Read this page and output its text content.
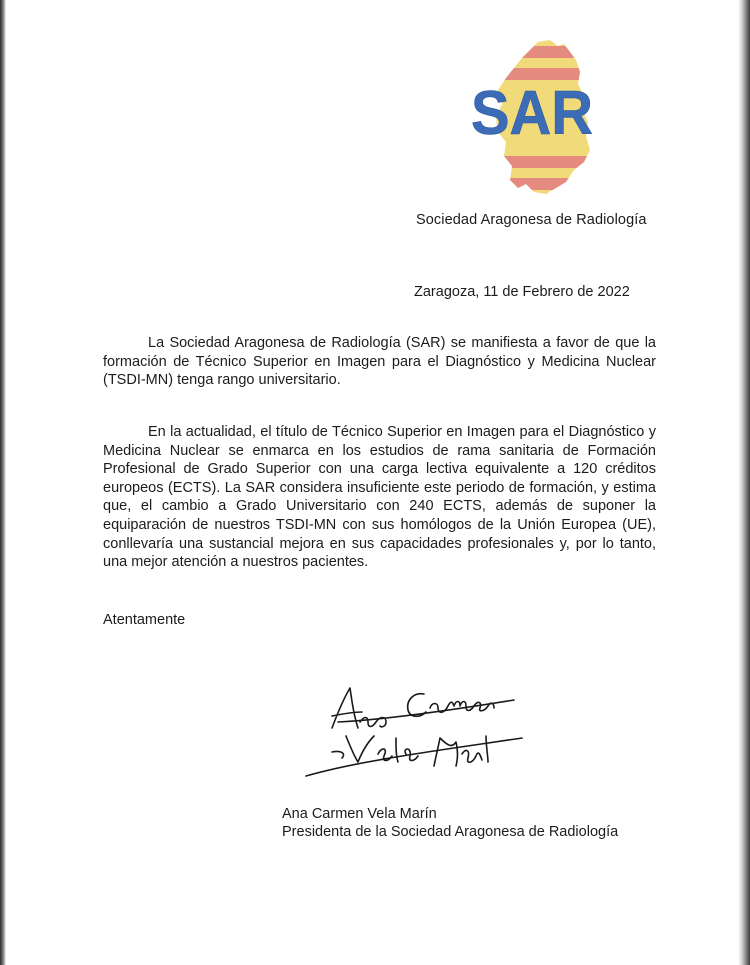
SAR
Sociedad Aragonesa de Radiología
Zaragoza, 11 de Febrero de 2022

La Sociedad Aragonesa de Radiología (SAR) se manifiesta a favor de que la formación de Técnico Superior en Imagen para el Diagnóstico y Medicina Nuclear (TSDI-MN) tenga rango universitario.

En la actualidad, el título de Técnico Superior en Imagen para el Diagnóstico y Medicina Nuclear se enmarca en los estudios de rama sanitaria de Formación Profesional de Grado Superior con una carga lectiva equivalente a 120 créditos europeos (ECTS). La SAR considera insuficiente este periodo de formación, y estima que, el cambio a Grado Universitario con 240 ECTS, además de suponer la equiparación de nuestros TSDI-MN con sus homólogos de la Unión Europea (UE), conllevaría una sustancial mejora en sus capacidades profesionales y, por lo tanto, una mejor atención a nuestros pacientes.

Atentamente
Ana Carmen Vela Marín
Presidenta de la Sociedad Aragonesa de Radiología
